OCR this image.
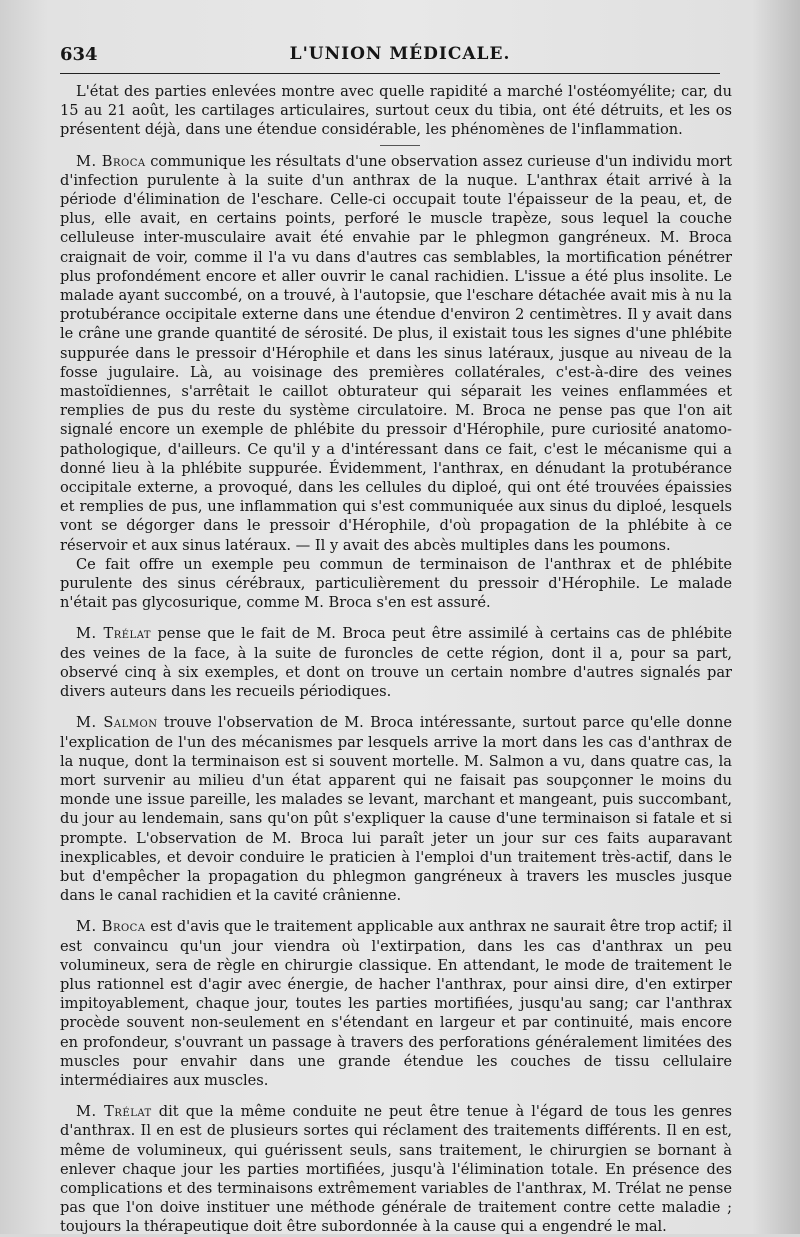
634	L'UNION MÉDICALE.

L'état des parties enlevées montre avec quelle rapidité a marché l'ostéomyélite; car, du 15 au 21 août, les cartilages articulaires, surtout ceux du tibia, ont été détruits, et les os présentent déjà, dans une étendue considérable, les phénomènes de l'inflammation.

M. Broca communique les résultats d'une observation assez curieuse d'un individu mort d'infection purulente à la suite d'un anthrax de la nuque. L'anthrax était arrivé à la période d'élimination de l'eschare. Celle-ci occupait toute l'épaisseur de la peau, et, de plus, elle avait, en certains points, perforé le muscle trapèze, sous lequel la couche celluleuse inter-musculaire avait été envahie par le phlegmon gangréneux. M. Broca craignait de voir, comme il l'a vu dans d'autres cas semblables, la mortification pénétrer plus profondément encore et aller ouvrir le canal rachidien. L'issue a été plus insolite. Le malade ayant succombé, on a trouvé, à l'autopsie, que l'eschare détachée avait mis à nu la protubérance occipitale externe dans une étendue d'environ 2 centimètres. Il y avait dans le crâne une grande quantité de sérosité. De plus, il existait tous les signes d'une phlébite suppurée dans le pressoir d'Hérophile et dans les sinus latéraux, jusque au niveau de la fosse jugulaire. Là, au voisinage des premières collatérales, c'est-à-dire des veines mastoïdiennes, s'arrêtait le caillot obturateur qui séparait les veines enflammées et remplies de pus du reste du système circulatoire. M. Broca ne pense pas que l'on ait signalé encore un exemple de phlébite du pressoir d'Hérophile, pure curiosité anatomo-pathologique, d'ailleurs. Ce qu'il y a d'intéressant dans ce fait, c'est le mécanisme qui a donné lieu à la phlébite suppurée. Évidemment, l'anthrax, en dénudant la protubérance occipitale externe, a provoqué, dans les cellules du diploé, qui ont été trouvées épaissies et remplies de pus, une inflammation qui s'est communiquée aux sinus du diploé, lesquels vont se dégorger dans le pressoir d'Hérophile, d'où propagation de la phlébite à ce réservoir et aux sinus latéraux. — Il y avait des abcès multiples dans les poumons.

Ce fait offre un exemple peu commun de terminaison de l'anthrax et de phlébite purulente des sinus cérébraux, particulièrement du pressoir d'Hérophile. Le malade n'était pas glycosurique, comme M. Broca s'en est assuré.

M. Trélat pense que le fait de M. Broca peut être assimilé à certains cas de phlébite des veines de la face, à la suite de furoncles de cette région, dont il a, pour sa part, observé cinq à six exemples, et dont on trouve un certain nombre d'autres signalés par divers auteurs dans les recueils périodiques.

M. Salmon trouve l'observation de M. Broca intéressante, surtout parce qu'elle donne l'explication de l'un des mécanismes par lesquels arrive la mort dans les cas d'anthrax de la nuque, dont la terminaison est si souvent mortelle. M. Salmon a vu, dans quatre cas, la mort survenir au milieu d'un état apparent qui ne faisait pas soupçonner le moins du monde une issue pareille, les malades se levant, marchant et mangeant, puis succombant, du jour au lendemain, sans qu'on pût s'expliquer la cause d'une terminaison si fatale et si prompte. L'observation de M. Broca lui paraît jeter un jour sur ces faits auparavant inexplicables, et devoir conduire le praticien à l'emploi d'un traitement très-actif, dans le but d'empêcher la propagation du phlegmon gangréneux à travers les muscles jusque dans le canal rachidien et la cavité crânienne.

M. Broca est d'avis que le traitement applicable aux anthrax ne saurait être trop actif; il est convaincu qu'un jour viendra où l'extirpation, dans les cas d'anthrax un peu volumineux, sera de règle en chirurgie classique. En attendant, le mode de traitement le plus rationnel est d'agir avec énergie, de hacher l'anthrax, pour ainsi dire, d'en extirper impitoyablement, chaque jour, toutes les parties mortifiées, jusqu'au sang; car l'anthrax procède souvent non-seulement en s'étendant en largeur et par continuité, mais encore en profondeur, s'ouvrant un passage à travers des perforations généralement limitées des muscles pour envahir dans une grande étendue les couches de tissu cellulaire intermédiaires aux muscles.

M. Trélat dit que la même conduite ne peut être tenue à l'égard de tous les genres d'anthrax. Il en est de plusieurs sortes qui réclament des traitements différents. Il en est, même de volumineux, qui guérissent seuls, sans traitement, le chirurgien se bornant à enlever chaque jour les parties mortifiées, jusqu'à l'élimination totale. En présence des complications et des terminaisons extrêmement variables de l'anthrax, M. Trélat ne pense pas que l'on doive instituer une méthode générale de traitement contre cette maladie ; toujours la thérapeutique doit être subordonnée à la cause qui a engendré le mal.
